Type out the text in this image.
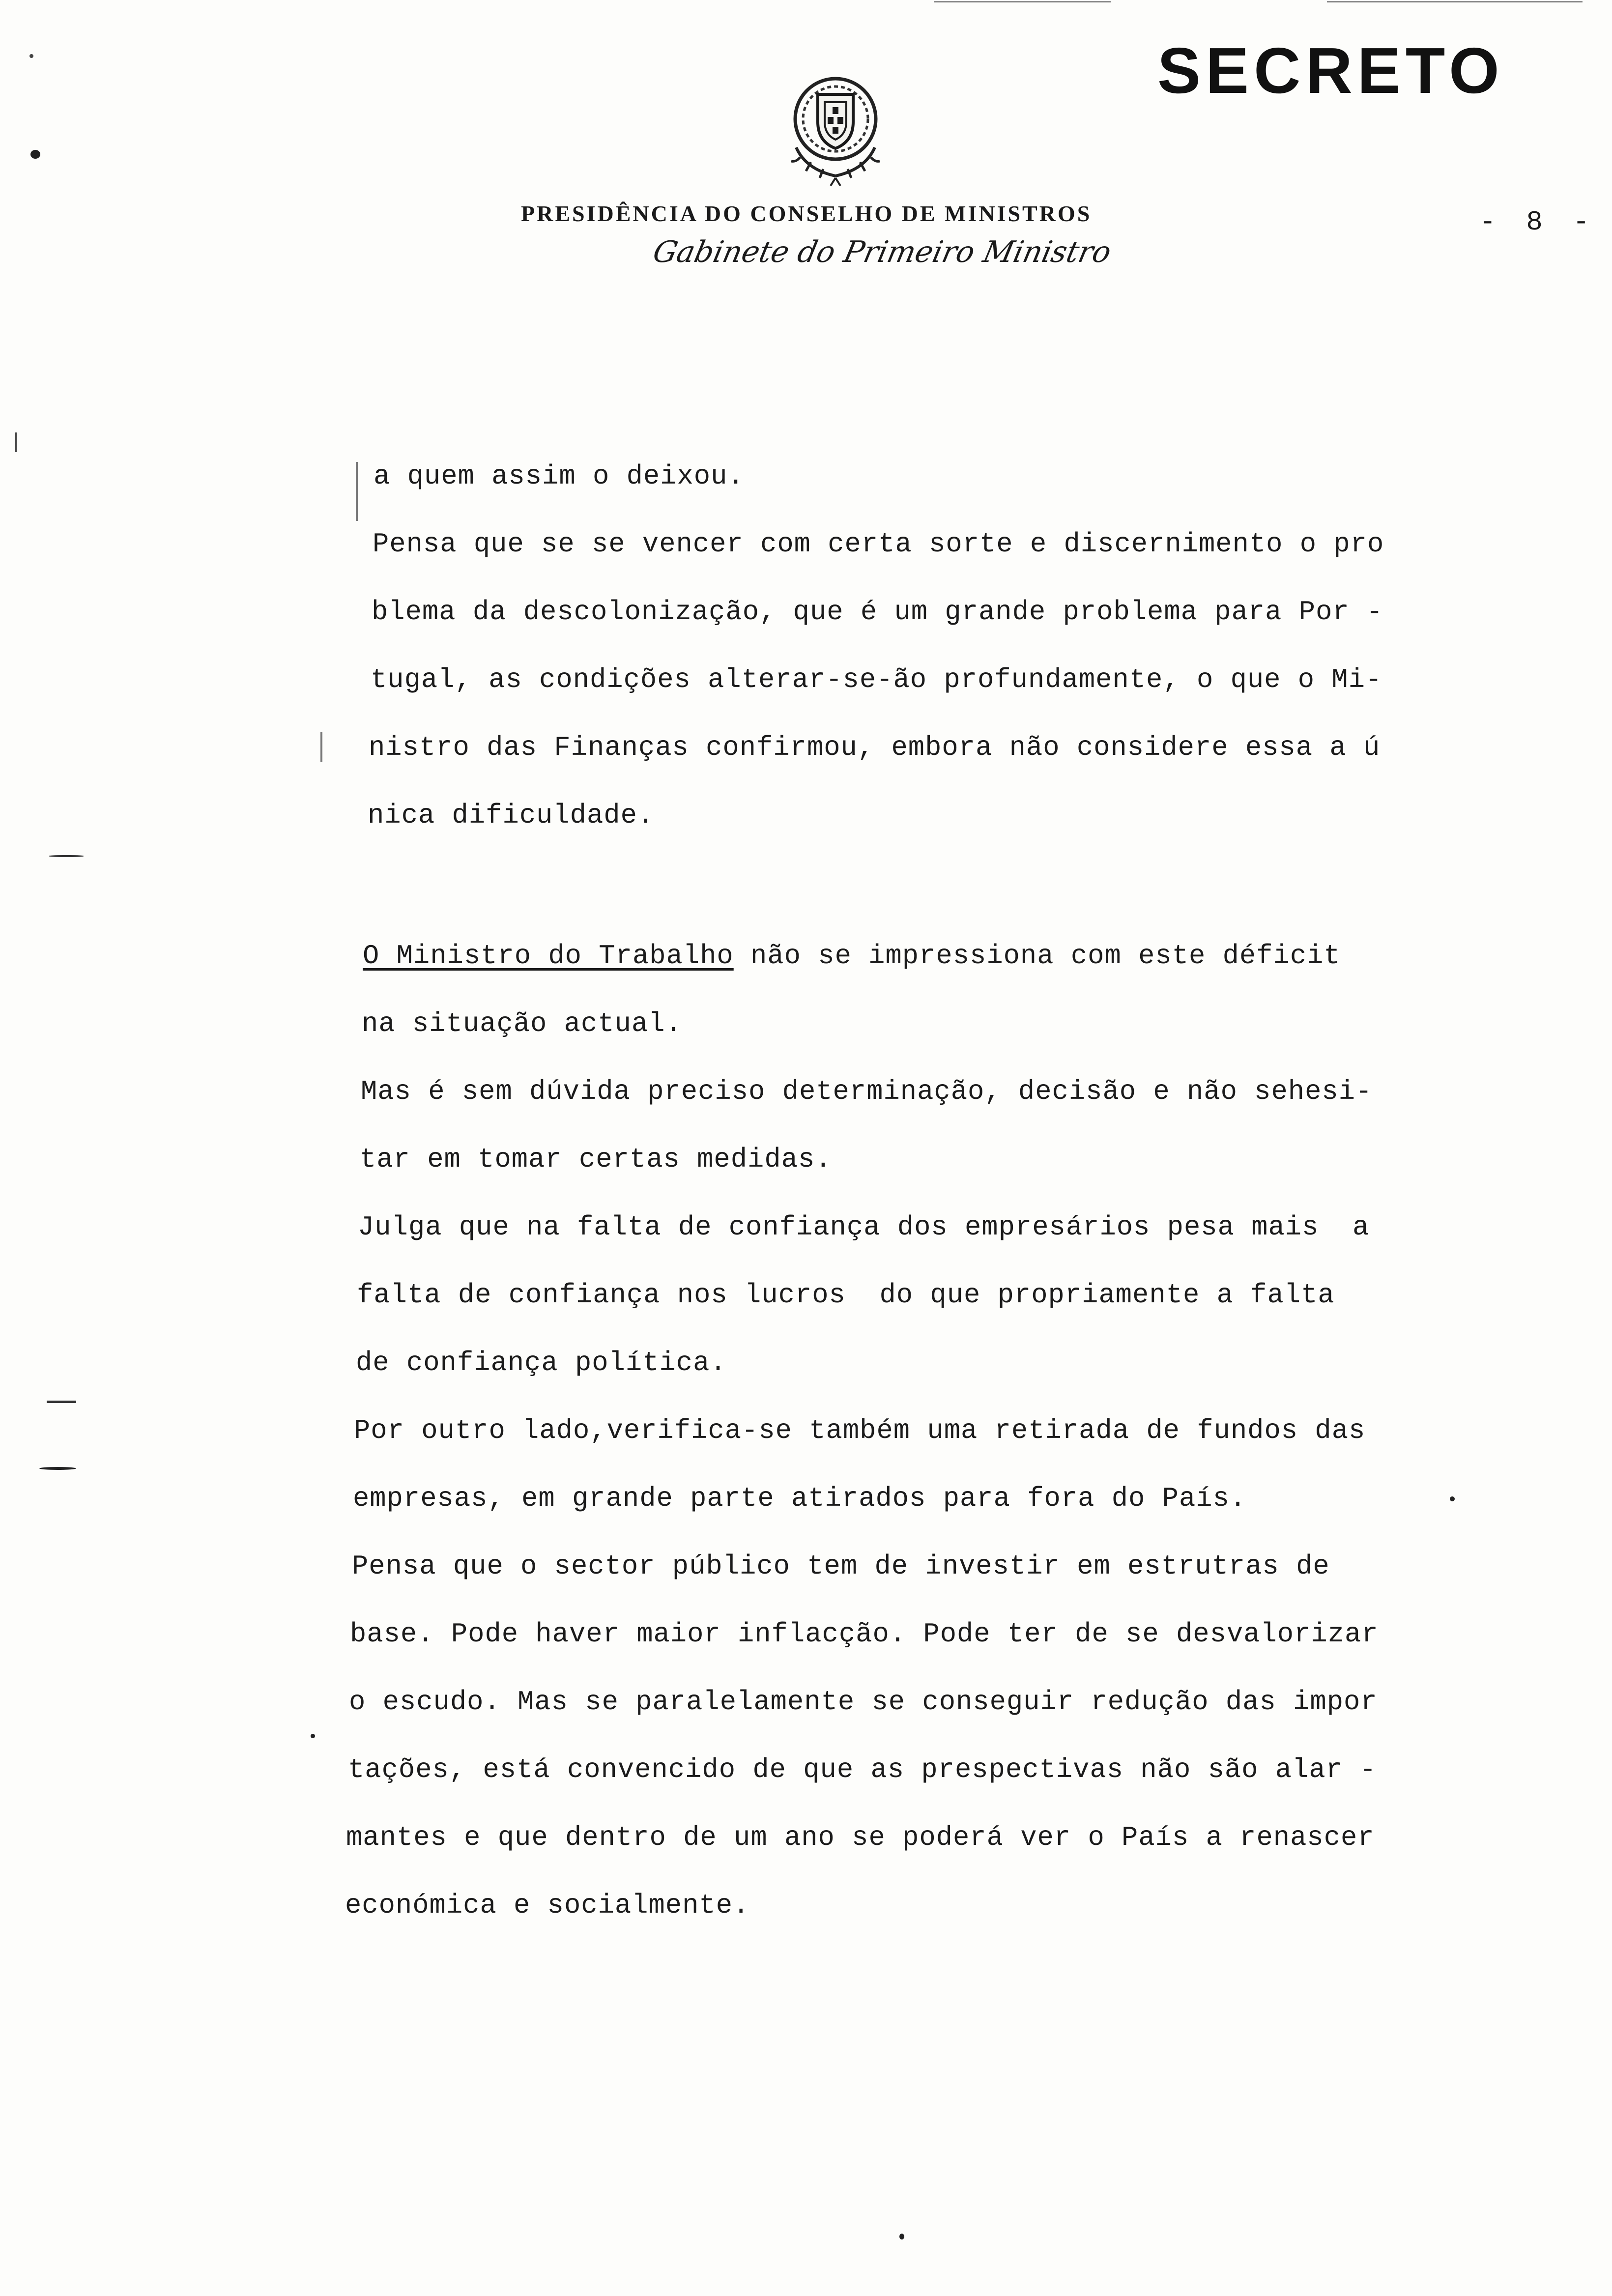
SECRETO
PRESIDÊNCIA DO CONSELHO DE MINISTROS
Gabinete do Primeiro Ministro
- 8 -
a quem assim o deixou.
Pensa que se se vencer com certa sorte e discernimento o pro
blema da descolonização, que é um grande problema para Por -
tugal, as condições alterar-se-ão profundamente, o que o Mi-
nistro das Finanças confirmou, embora não considere essa a ú
nica dificuldade.
O Ministro do Trabalho não se impressiona com este déficit
na situação actual.
Mas é sem dúvida preciso determinação, decisão e não sehesi-
tar em tomar certas medidas.
Julga que na falta de confiança dos empresários pesa mais  a
falta de confiança nos lucros  do que propriamente a falta
de confiança política.
Por outro lado,verifica-se também uma retirada de fundos das
empresas, em grande parte atirados para fora do País.
Pensa que o sector público tem de investir em estrutras de
base. Pode haver maior inflacção. Pode ter de se desvalorizar
o escudo. Mas se paralelamente se conseguir redução das impor
tações, está convencido de que as prespectivas não são alar -
mantes e que dentro de um ano se poderá ver o País a renascer
económica e socialmente.
